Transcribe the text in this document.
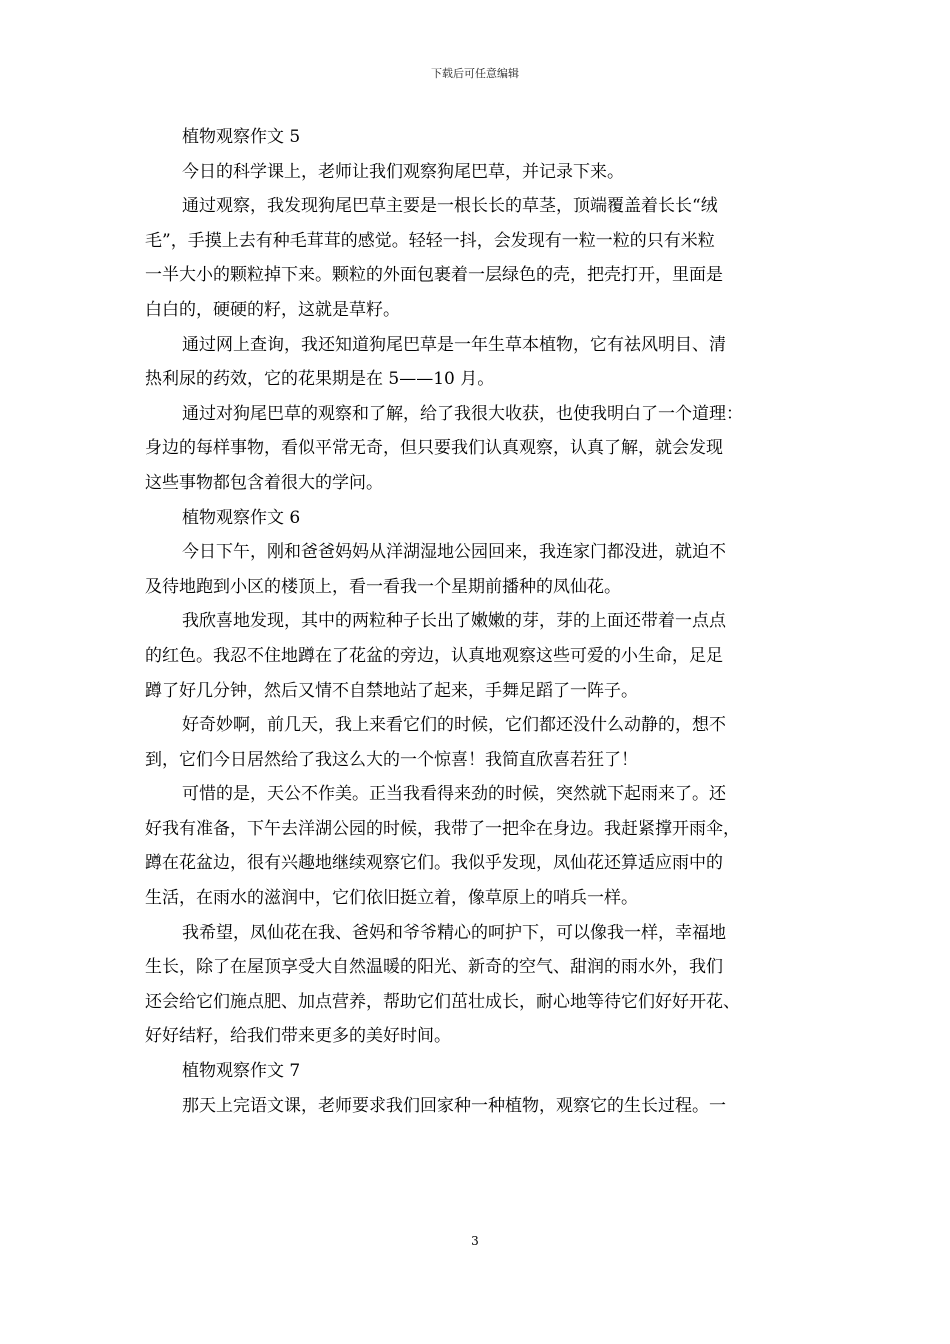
下载后可任意编辑
植物观察作文 5
今日的科学课上，老师让我们观察狗尾巴草，并记录下来。
通过观察，我发现狗尾巴草主要是一根长长的草茎，顶端覆盖着长长“绒
毛”，手摸上去有种毛茸茸的感觉。轻轻一抖，会发现有一粒一粒的只有米粒
一半大小的颗粒掉下来。颗粒的外面包裹着一层绿色的壳，把壳打开，里面是
白白的，硬硬的籽，这就是草籽。
通过网上查询，我还知道狗尾巴草是一年生草本植物，它有祛风明目、清
热利尿的药效，它的花果期是在 5——10 月。
通过对狗尾巴草的观察和了解，给了我很大收获，也使我明白了一个道理：
身边的每样事物，看似平常无奇，但只要我们认真观察，认真了解，就会发现
这些事物都包含着很大的学问。
植物观察作文 6
今日下午，刚和爸爸妈妈从洋湖湿地公园回来，我连家门都没进，就迫不
及待地跑到小区的楼顶上，看一看我一个星期前播种的凤仙花。
我欣喜地发现，其中的两粒种子长出了嫩嫩的芽，芽的上面还带着一点点
的红色。我忍不住地蹲在了花盆的旁边，认真地观察这些可爱的小生命，足足
蹲了好几分钟，然后又情不自禁地站了起来，手舞足蹈了一阵子。
好奇妙啊，前几天，我上来看它们的时候，它们都还没什么动静的，想不
到，它们今日居然给了我这么大的一个惊喜！我简直欣喜若狂了！
可惜的是，天公不作美。正当我看得来劲的时候，突然就下起雨来了。还
好我有准备，下午去洋湖公园的时候，我带了一把伞在身边。我赶紧撑开雨伞，
蹲在花盆边，很有兴趣地继续观察它们。我似乎发现，凤仙花还算适应雨中的
生活，在雨水的滋润中，它们依旧挺立着，像草原上的哨兵一样。
我希望，凤仙花在我、爸妈和爷爷精心的呵护下，可以像我一样，幸福地
生长，除了在屋顶享受大自然温暖的阳光、新奇的空气、甜润的雨水外，我们
还会给它们施点肥、加点营养，帮助它们茁壮成长，耐心地等待它们好好开花、
好好结籽，给我们带来更多的美好时间。
植物观察作文 7
那天上完语文课，老师要求我们回家种一种植物，观察它的生长过程。一
3
